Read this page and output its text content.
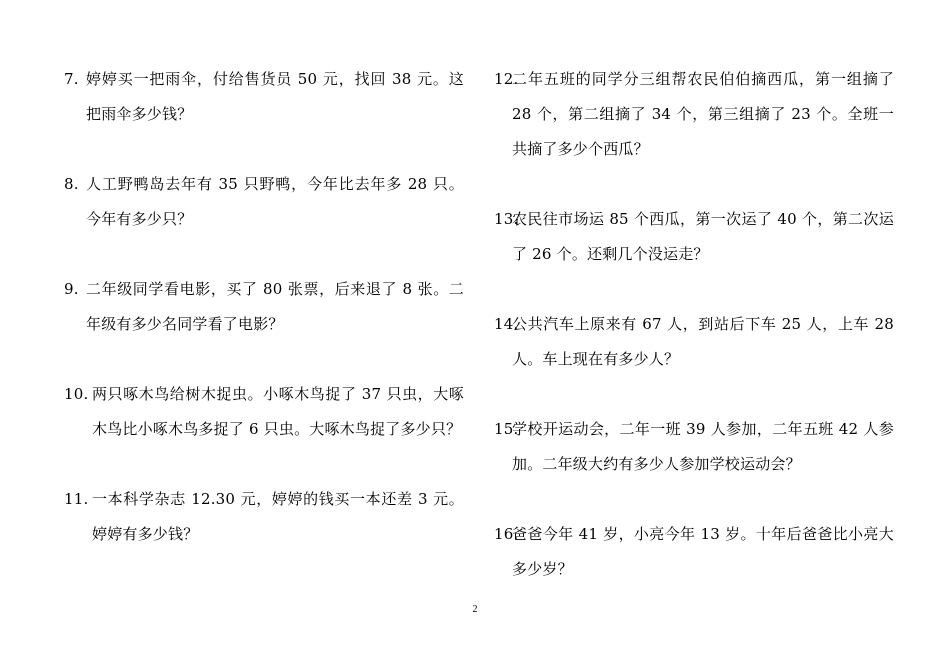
7. 婷婷买一把雨伞，付给售货员 50 元，找回 38 元。这把雨伞多少钱？
8. 人工野鸭岛去年有 35 只野鸭，今年比去年多 28 只。今年有多少只？
9. 二年级同学看电影，买了 80 张票，后来退了 8 张。二年级有多少名同学看了电影？
10. 两只啄木鸟给树木捉虫。小啄木鸟捉了 37 只虫，大啄木鸟比小啄木鸟多捉了 6 只虫。大啄木鸟捉了多少只？
11. 一本科学杂志 12.30 元，婷婷的钱买一本还差 3 元。婷婷有多少钱？
12.
二年五班的同学分三组帮农民伯伯摘西瓜，第一组摘了 28 个，第二组摘了 34 个，第三组摘了 23 个。全班一共摘了多少个西瓜？
13.
农民往市场运 85 个西瓜，第一次运了 40 个，第二次运了 26 个。还剩几个没运走？
14.
公共汽车上原来有 67 人，到站后下车 25 人，上车 28 人。车上现在有多少人？
15.
学校开运动会，二年一班 39 人参加，二年五班 42 人参加。二年级大约有多少人参加学校运动会？
16.
爸爸今年 41 岁，小亮今年 13 岁。十年后爸爸比小亮大多少岁？
2
